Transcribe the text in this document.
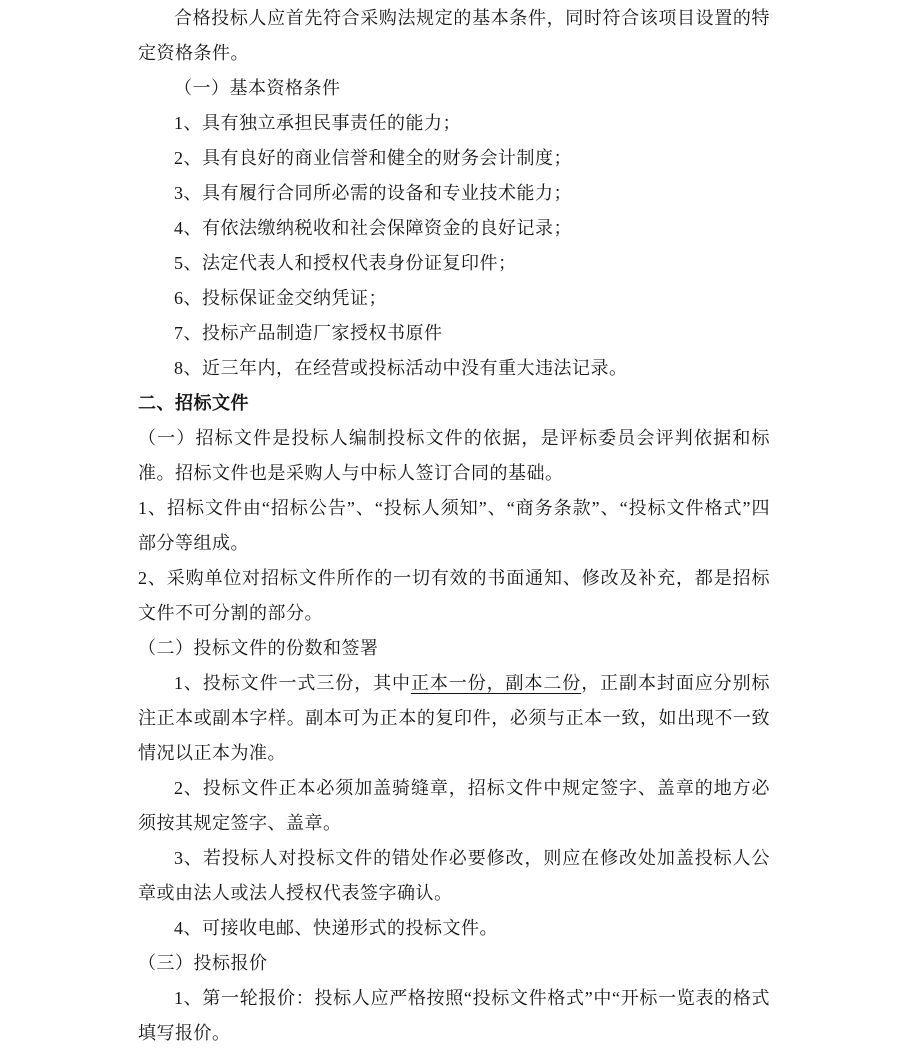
合格投标人应首先符合采购法规定的基本条件，同时符合该项目设置的特定资格条件。

（一）基本资格条件

1、具有独立承担民事责任的能力；

2、具有良好的商业信誉和健全的财务会计制度；

3、具有履行合同所必需的设备和专业技术能力；

4、有依法缴纳税收和社会保障资金的良好记录；

5、法定代表人和授权代表身份证复印件；

6、投标保证金交纳凭证；

7、投标产品制造厂家授权书原件

8、近三年内，在经营或投标活动中没有重大违法记录。

二、招标文件

（一）招标文件是投标人编制投标文件的依据，是评标委员会评判依据和标准。招标文件也是采购人与中标人签订合同的基础。

1、招标文件由“招标公告”、“投标人须知”、“商务条款”、“投标文件格式”四部分等组成。

2、采购单位对招标文件所作的一切有效的书面通知、修改及补充，都是招标文件不可分割的部分。

（二）投标文件的份数和签署

1、投标文件一式三份，其中正本一份，副本二份，正副本封面应分别标注正本或副本字样。副本可为正本的复印件，必须与正本一致，如出现不一致情况以正本为准。

2、投标文件正本必须加盖骑缝章，招标文件中规定签字、盖章的地方必须按其规定签字、盖章。

3、若投标人对投标文件的错处作必要修改，则应在修改处加盖投标人公章或由法人或法人授权代表签字确认。

4、可接收电邮、快递形式的投标文件。

（三）投标报价

1、第一轮报价：投标人应严格按照“投标文件格式”中“开标一览表的格式填写报价。
